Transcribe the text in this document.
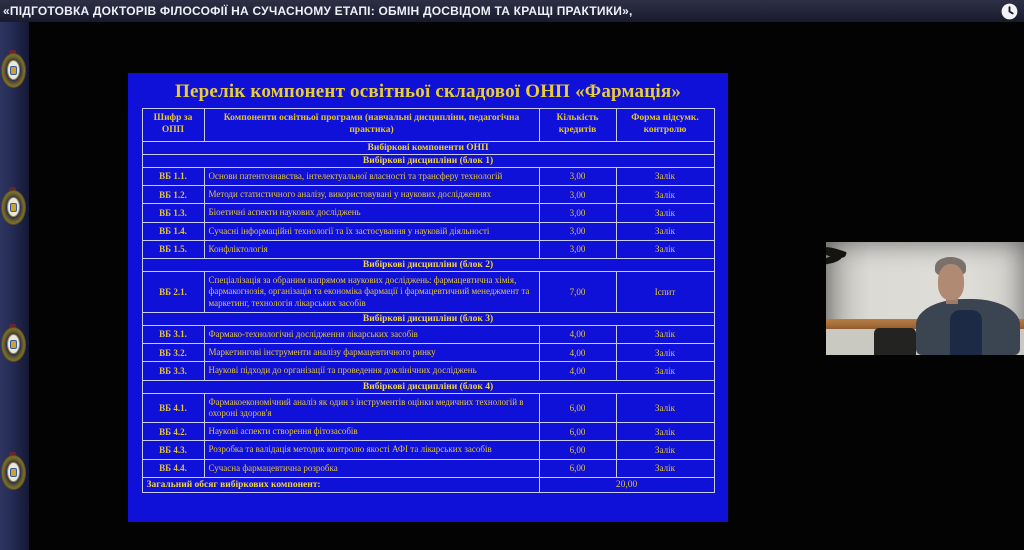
«ПІДГОТОВКА ДОКТОРІВ ФІЛОСОФІЇ НА СУЧАСНОМУ ЕТАПІ: ОБМІН ДОСВІДОМ ТА КРАЩІ ПРАКТИКИ»,
Перелік компонент освітньої складової ОНП «Фармація»
Шифр за ОПП	Компоненти освітньої програми (навчальні дисципліни, педагогічна практика)	Кількість кредитів	Форма підсумк. контролю
Вибіркові компоненти ОНП			
Вибіркові дисципліни (блок 1)			
ВБ 1.1.	Основи патентознавства, інтелектуальної власності та трансферу технологій	3,00	Залік
ВБ 1.2.	Методи статистичного аналізу, використовувані у наукових дослідженнях	3,00	Залік
ВБ 1.3.	Біоетичні аспекти наукових досліджень	3,00	Залік
ВБ 1.4.	Сучасні інформаційні технології та їх застосування у науковій діяльності	3,00	Залік
ВБ 1.5.	Конфліктологія	3,00	Залік
Вибіркові дисципліни (блок 2)			
ВБ 2.1.	Спеціалізація за обраним напрямом наукових досліджень: фармацевтична хімія, фармакогнозія, організація та економіка фармації і фармацевтичний менеджмент та маркетинг, технологія лікарських засобів	7,00	Іспит
Вибіркові дисципліни (блок 3)			
ВБ 3.1.	Фармако-технологічні дослідження лікарських засобів	4,00	Залік
ВБ 3.2.	Маркетингові інструменти аналізу фармацевтичного ринку	4,00	Залік
ВБ 3.3.	Наукові підходи до організації та проведення доклінічних досліджень	4,00	Залік
Вибіркові дисципліни (блок 4)			
ВБ 4.1.	Фармакоекономічний аналіз як один з інструментів оцінки медичних технологій в охороні здоров'я	6,00	Залік
ВБ 4.2.	Наукові аспекти створення фітозасобів	6,00	Залік
ВБ 4.3.	Розробка та валідація методик контролю якості АФІ та лікарських засобів	6,00	Залік
ВБ 4.4.	Сучасна фармацевтична розробка	6,00	Залік
Загальний обсяг вибіркових компонент:		20,00	
